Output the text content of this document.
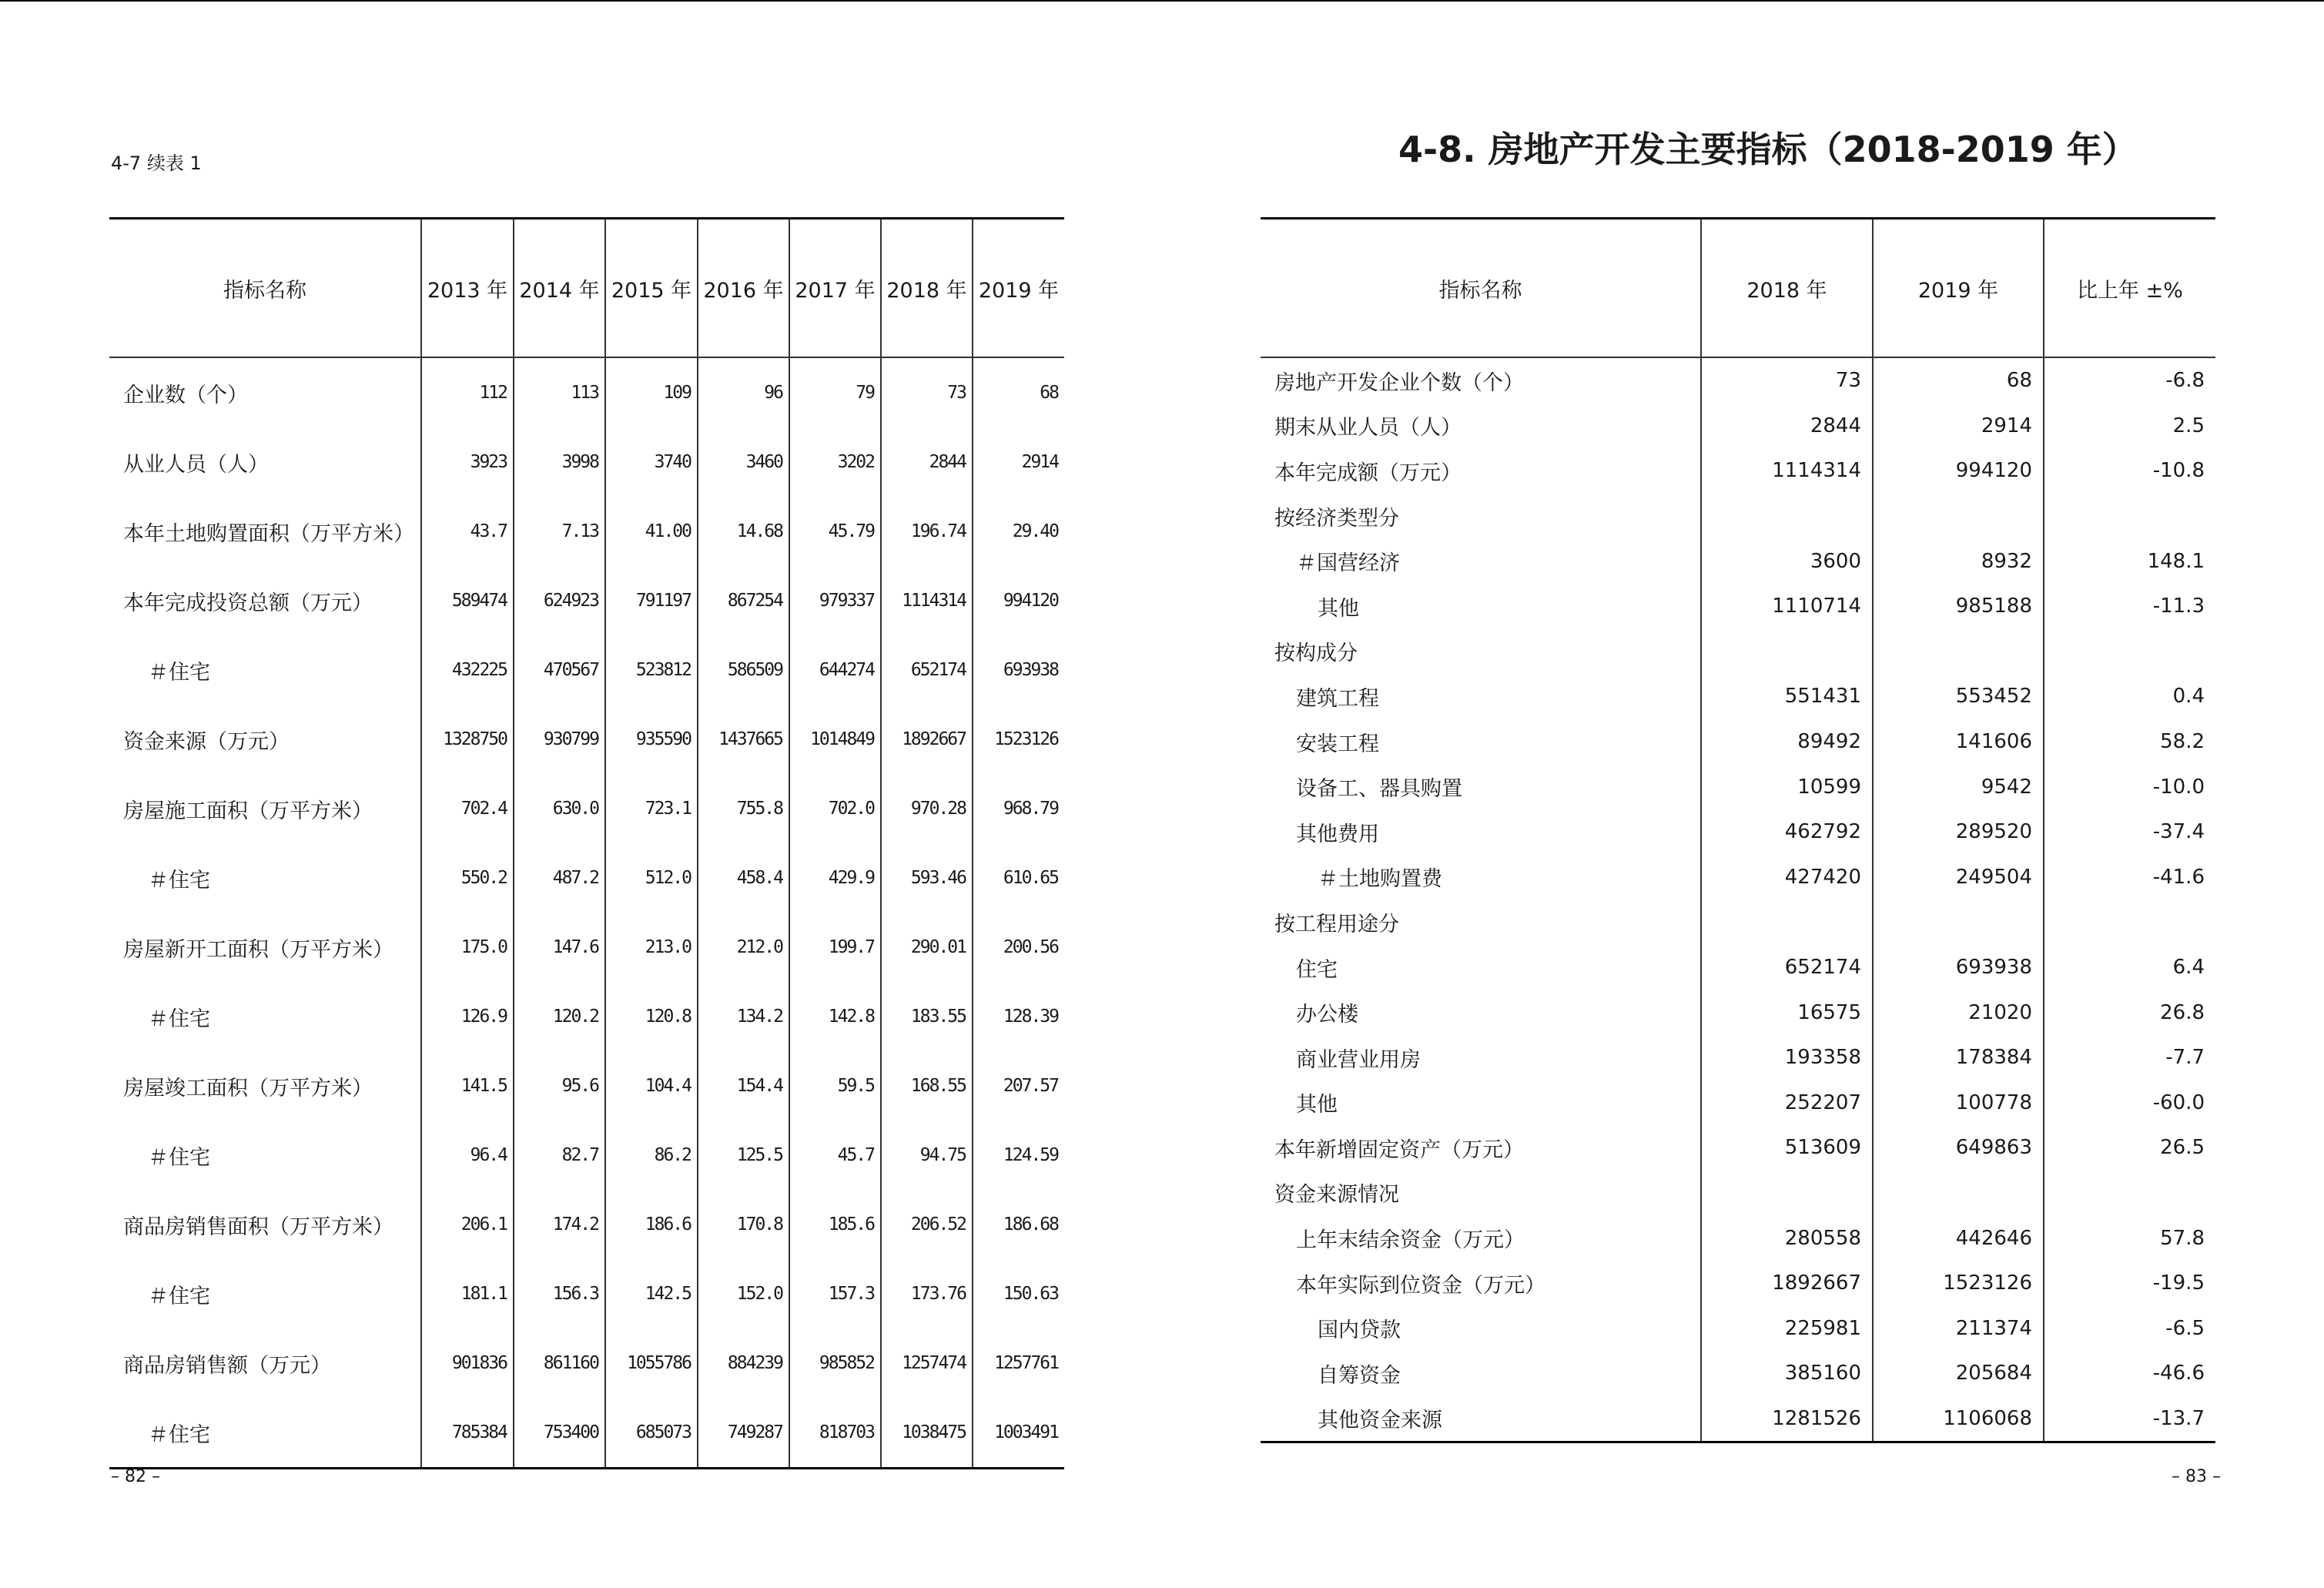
4-7 续表 1
指标名称	2013 年	2014 年	2015 年	2016 年	2017 年	2018 年	2019 年
企业数（个）	112	113	109	96	79	73	68
从业人员（人）	3923	3998	3740	3460	3202	2844	2914
本年土地购置面积（万平方米）	43.7	7.13	41.00	14.68	45.79	196.74	29.40
本年完成投资总额（万元）	589474	624923	791197	867254	979337	1114314	994120
＃住宅	432225	470567	523812	586509	644274	652174	693938
资金来源（万元）	1328750	930799	935590	1437665	1014849	1892667	1523126
房屋施工面积（万平方米）	702.4	630.0	723.1	755.8	702.0	970.28	968.79
＃住宅	550.2	487.2	512.0	458.4	429.9	593.46	610.65
房屋新开工面积（万平方米）	175.0	147.6	213.0	212.0	199.7	290.01	200.56
＃住宅	126.9	120.2	120.8	134.2	142.8	183.55	128.39
房屋竣工面积（万平方米）	141.5	95.6	104.4	154.4	59.5	168.55	207.57
＃住宅	96.4	82.7	86.2	125.5	45.7	94.75	124.59
商品房销售面积（万平方米）	206.1	174.2	186.6	170.8	185.6	206.52	186.68
＃住宅	181.1	156.3	142.5	152.0	157.3	173.76	150.63
商品房销售额（万元）	901836	861160	1055786	884239	985852	1257474	1257761
＃住宅	785384	753400	685073	749287	818703	1038475	1003491
– 82 –
4-8. 房地产开发主要指标（2018-2019 年）
指标名称	2018 年	2019 年	比上年 ±%
房地产开发企业个数（个）	73	68	-6.8
期末从业人员（人）	2844	2914	2.5
本年完成额（万元）	1114314	994120	-10.8
按经济类型分			
＃国营经济	3600	8932	148.1
其他	1110714	985188	-11.3
按构成分			
建筑工程	551431	553452	0.4
安装工程	89492	141606	58.2
设备工、器具购置	10599	9542	-10.0
其他费用	462792	289520	-37.4
＃土地购置费	427420	249504	-41.6
按工程用途分			
住宅	652174	693938	6.4
办公楼	16575	21020	26.8
商业营业用房	193358	178384	-7.7
其他	252207	100778	-60.0
本年新增固定资产（万元）	513609	649863	26.5
资金来源情况			
上年末结余资金（万元）	280558	442646	57.8
本年实际到位资金（万元）	1892667	1523126	-19.5
国内贷款	225981	211374	-6.5
自筹资金	385160	205684	-46.6
其他资金来源	1281526	1106068	-13.7
– 83 –
